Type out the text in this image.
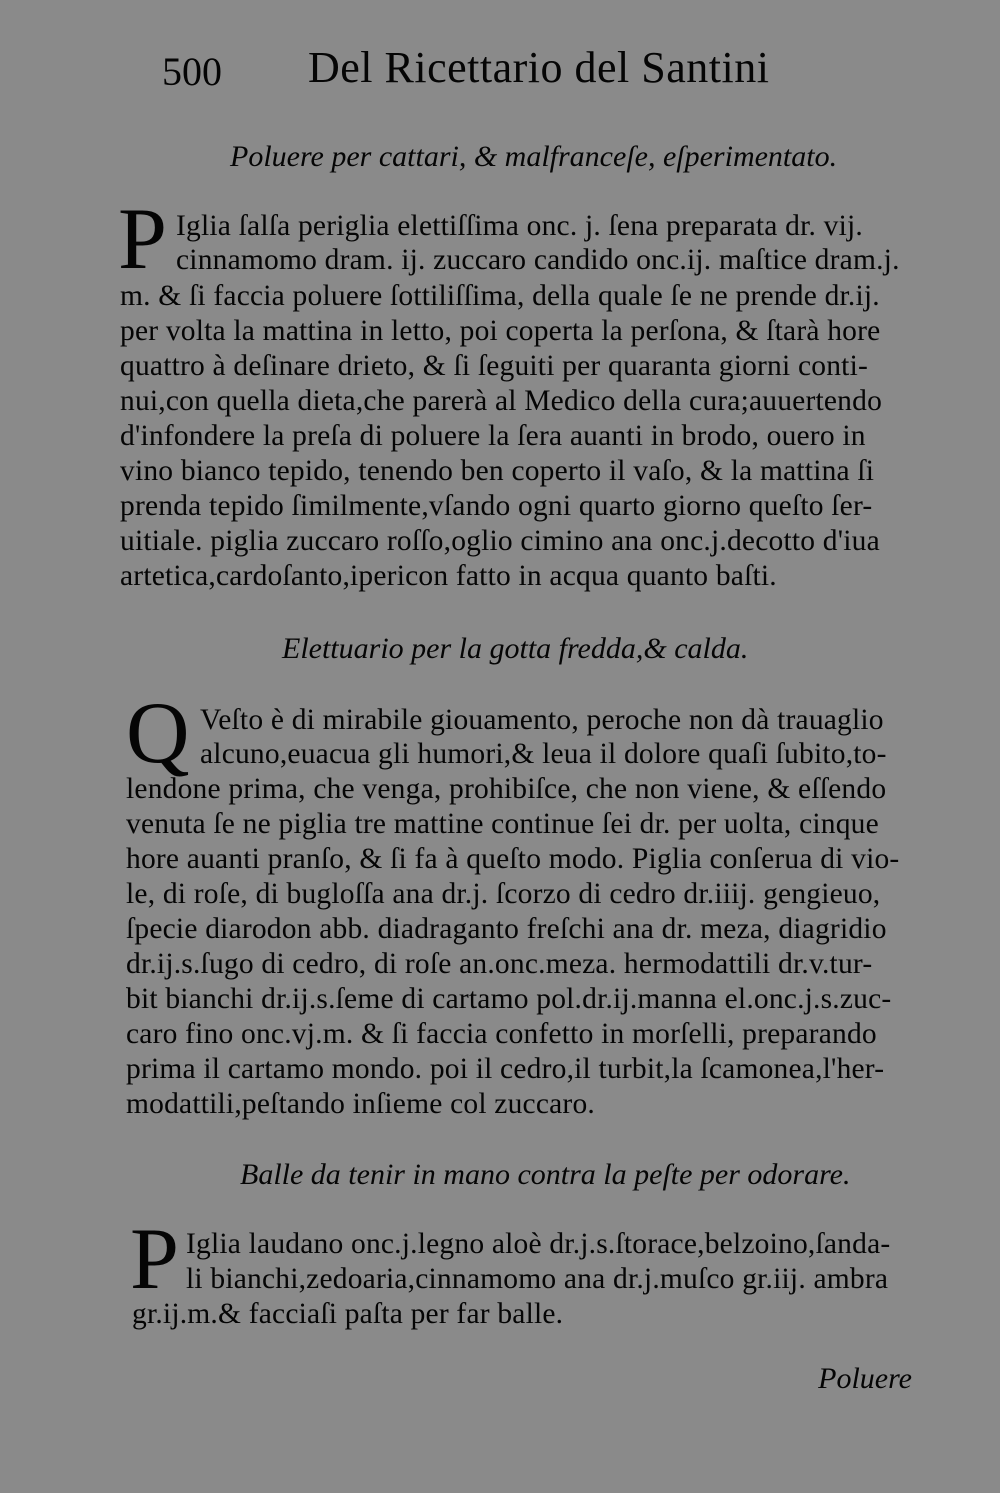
500 Del Ricettario del Santini
Poluere per cattari, & malfranceſe, eſperimentato.
P Iglia ſalſa periglia elettiſſima onc. j. ſena preparata dr. vij.
cinnamomo dram. ij. zuccaro candido onc.ij. maſtice dram.j.
m. & ſi faccia poluere ſottiliſſima, della quale ſe ne prende dr.ij.
per volta la mattina in letto, poi coperta la perſona, & ſtarà hore
quattro à deſinare drieto, & ſi ſeguiti per quaranta giorni conti-
nui,con quella dieta,che parerà al Medico della cura;auuertendo
d'infondere la preſa di poluere la ſera auanti in brodo, ouero in
vino bianco tepido, tenendo ben coperto il vaſo, & la mattina ſi
prenda tepido ſimilmente,vſando ogni quarto giorno queſto ſer-
uitiale. piglia zuccaro roſſo,oglio cimino ana onc.j.decotto d'iua
artetica,cardoſanto,ipericon fatto in acqua quanto baſti.
Elettuario per la gotta fredda,& calda.
Q Veſto è di mirabile giouamento, peroche non dà trauaglio
alcuno,euacua gli humori,& leua il dolore quaſi ſubito,to-
lendone prima, che venga, prohibiſce, che non viene, & eſſendo
venuta ſe ne piglia tre mattine continue ſei dr. per uolta, cinque
hore auanti pranſo, & ſi fa à queſto modo. Piglia conſerua di vio-
le, di roſe, di bugloſſa ana dr.j. ſcorzo di cedro dr.iiij. gengieuo,
ſpecie diarodon abb. diadraganto freſchi ana dr. meza, diagridio
dr.ij.s.ſugo di cedro, di roſe an.onc.meza. hermodattili dr.v.tur-
bit bianchi dr.ij.s.ſeme di cartamo pol.dr.ij.manna el.onc.j.s.zuc-
caro fino onc.vj.m. & ſi faccia confetto in morſelli, preparando
prima il cartamo mondo. poi il cedro,il turbit,la ſcamonea,l'her-
modattili,peſtando inſieme col zuccaro.
Balle da tenir in mano contra la peſte per odorare.
P Iglia laudano onc.j.legno aloè dr.j.s.ſtorace,belzoino,ſanda-
li bianchi,zedoaria,cinnamomo ana dr.j.muſco gr.iij. ambra
gr.ij.m.& facciaſi paſta per far balle.
Poluere
